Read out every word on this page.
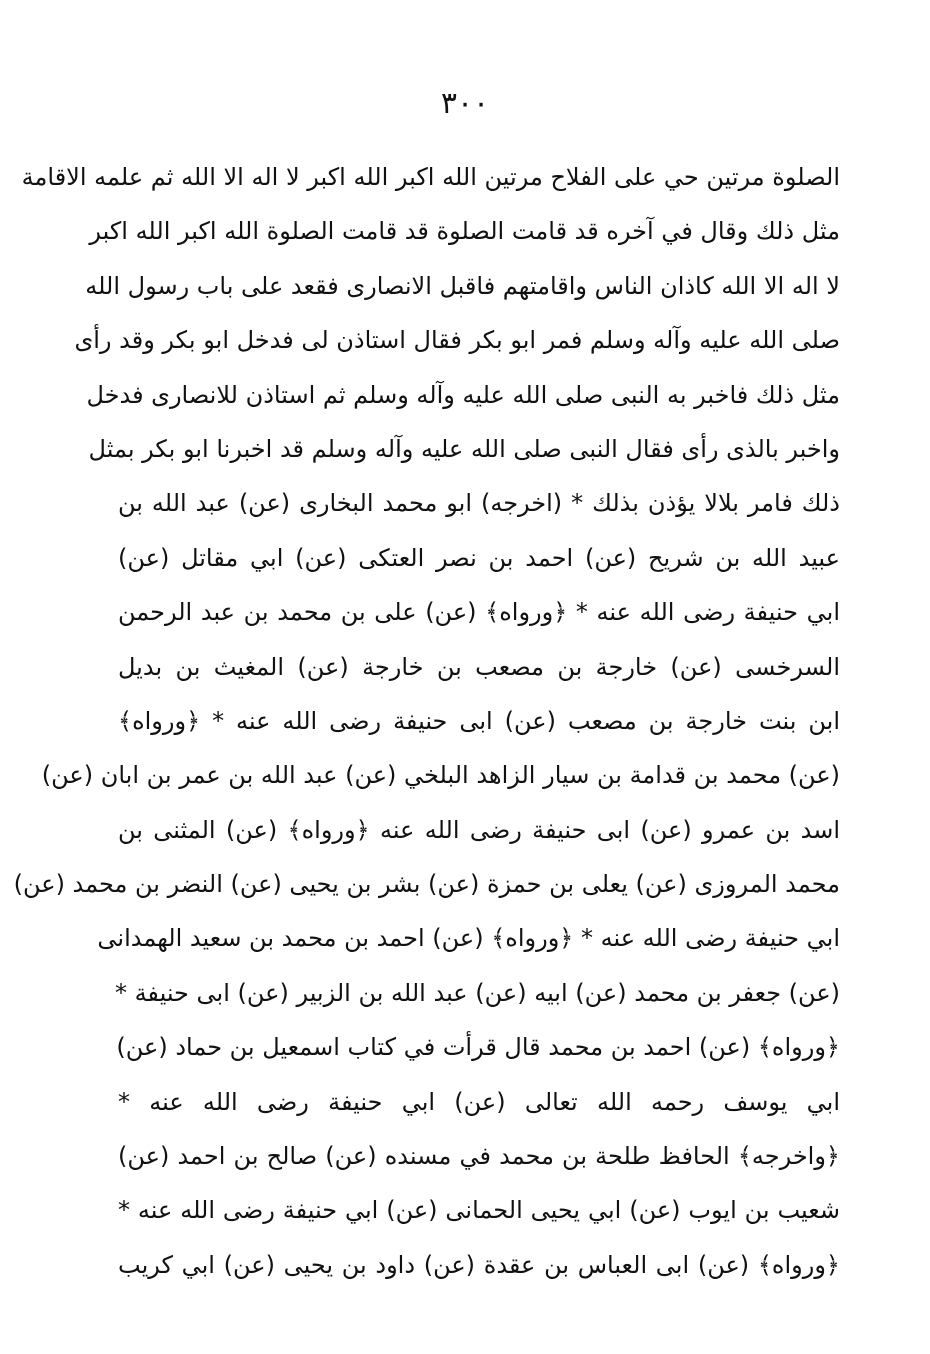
٣٠٠
الصلوة مرتين حي على الفلاح مرتين الله اكبر الله اكبر لا اله الا الله ثم علمه الاقامة
مثل ذلك وقال في آخره قد قامت الصلوة قد قامت الصلوة الله اكبر الله اكبر
لا اله الا الله كاذان الناس واقامتهم فاقبل الانصارى فقعد على باب رسول الله
صلى الله عليه وآله وسلم فمر ابو بكر فقال استاذن لى فدخل ابو بكر وقد رأى
مثل ذلك فاخبر به النبى صلى الله عليه وآله وسلم ثم استاذن للانصارى فدخل
واخبر بالذى رأى فقال النبى صلى الله عليه وآله وسلم قد اخبرنا ابو بكر بمثل
ذلك فامر بلالا يؤذن بذلك * (اخرجه) ابو محمد البخارى (عن) عبد الله بن
عبيد الله بن شريح (عن) احمد بن نصر العتكى (عن) ابي مقاتل (عن)
ابي حنيفة رضى الله عنه * ﴿ورواه﴾ (عن) على بن محمد بن عبد الرحمن
السرخسى (عن) خارجة بن مصعب بن خارجة (عن) المغيث بن بديل
ابن بنت خارجة بن مصعب (عن) ابى حنيفة رضى الله عنه * ﴿ورواه﴾
(عن) محمد بن قدامة بن سيار الزاهد البلخي (عن) عبد الله بن عمر بن ابان (عن)
اسد بن عمرو (عن) ابى حنيفة رضى الله عنه ﴿ورواه﴾ (عن) المثنى بن
محمد المروزى (عن) يعلى بن حمزة (عن) بشر بن يحيى (عن) النضر بن محمد (عن)
ابي حنيفة رضى الله عنه * ﴿ورواه﴾ (عن) احمد بن محمد بن سعيد الهمدانى
(عن) جعفر بن محمد (عن) ابيه (عن) عبد الله بن الزبير (عن) ابى حنيفة *
﴿ورواه﴾ (عن) احمد بن محمد قال قرأت في كتاب اسمعيل بن حماد (عن)
ابي يوسف رحمه الله تعالى (عن) ابي حنيفة رضى الله عنه *
﴿واخرجه﴾ الحافظ طلحة بن محمد في مسنده (عن) صالح بن احمد (عن)
شعيب بن ايوب (عن) ابي يحيى الحمانى (عن) ابي حنيفة رضى الله عنه *
﴿ورواه﴾ (عن) ابى العباس بن عقدة (عن) داود بن يحيى (عن) ابي كريب
